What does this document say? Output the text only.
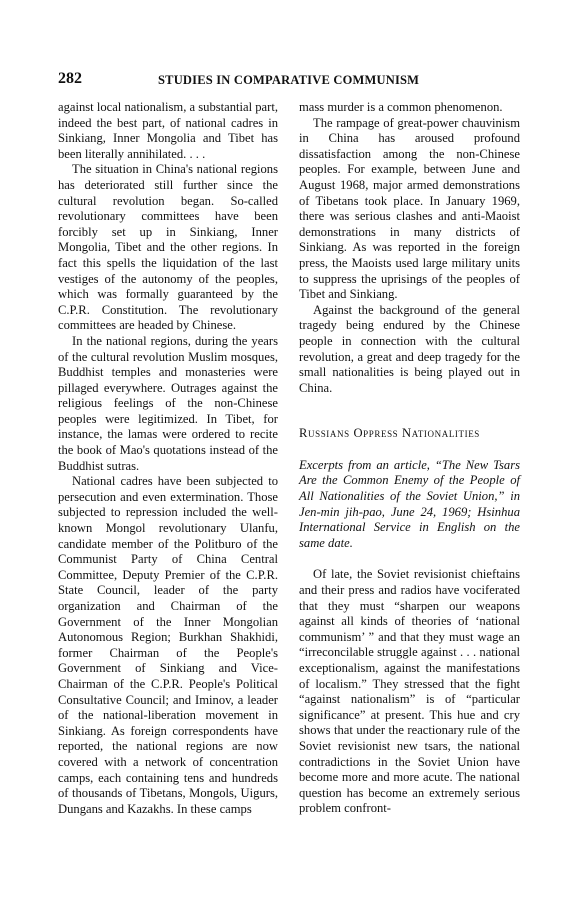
282	STUDIES IN COMPARATIVE COMMUNISM

against local nationalism, a substantial part, indeed the best part, of national cadres in Sinkiang, Inner Mongolia and Tibet has been literally annihilated. . . .

The situation in China's national regions has deteriorated still further since the cultural revolution began. So-called revolutionary committees have been forcibly set up in Sinkiang, Inner Mongolia, Tibet and the other regions. In fact this spells the liquidation of the last vestiges of the autonomy of the peoples, which was formally guaranteed by the C.P.R. Constitution. The revolutionary committees are headed by Chinese.

In the national regions, during the years of the cultural revolution Muslim mosques, Buddhist temples and monasteries were pillaged everywhere. Outrages against the religious feelings of the non-Chinese peoples were legitimized. In Tibet, for instance, the lamas were ordered to recite the book of Mao's quotations instead of the Buddhist sutras.

National cadres have been subjected to persecution and even extermination. Those subjected to repression included the well-known Mongol revolutionary Ulanfu, candidate member of the Politburo of the Communist Party of China Central Committee, Deputy Premier of the C.P.R. State Council, leader of the party organization and Chairman of the Government of the Inner Mongolian Autonomous Region; Burkhan Shakhidi, former Chairman of the People's Government of Sinkiang and Vice-Chairman of the C.P.R. People's Political Consultative Council; and Iminov, a leader of the national-liberation movement in Sinkiang. As foreign correspondents have reported, the national regions are now covered with a network of concentration camps, each containing tens and hundreds of thousands of Tibetans, Mongols, Uigurs, Dungans and Kazakhs. In these camps

mass murder is a common phenomenon.

The rampage of great-power chauvinism in China has aroused profound dissatisfaction among the non-Chinese peoples. For example, between June and August 1968, major armed demonstrations of Tibetans took place. In January 1969, there was serious clashes and anti-Maoist demonstrations in many districts of Sinkiang. As was reported in the foreign press, the Maoists used large military units to suppress the uprisings of the peoples of Tibet and Sinkiang.

Against the background of the general tragedy being endured by the Chinese people in connection with the cultural revolution, a great and deep tragedy for the small nationalities is being played out in China.

Russians Oppress Nationalities

Excerpts from an article, “The New Tsars Are the Common Enemy of the People of All Nationalities of the Soviet Union,” in Jen-min jih-pao, June 24, 1969; Hsinhua International Service in English on the same date.

Of late, the Soviet revisionist chieftains and their press and radios have vociferated that they must “sharpen our weapons against all kinds of theories of ‘national communism’ ” and that they must wage an “irreconcilable struggle against . . . national exceptionalism, against the manifestations of localism.” They stressed that the fight “against nationalism” is of “particular significance” at present. This hue and cry shows that under the reactionary rule of the Soviet revisionist new tsars, the national contradictions in the Soviet Union have become more and more acute. The national question has become an extremely serious problem confront-
